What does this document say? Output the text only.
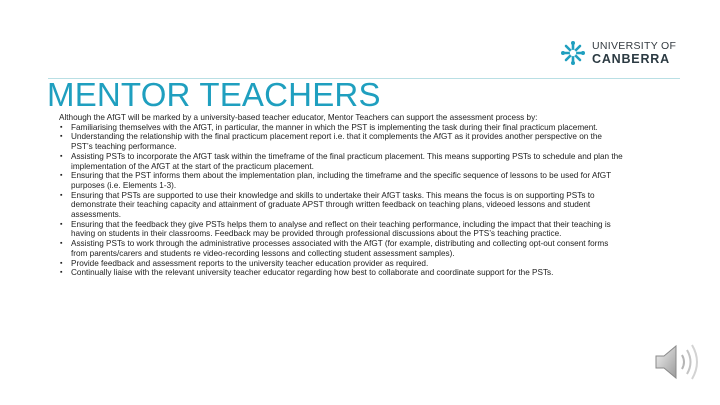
UNIVERSITY OF
CANBERRA
MENTOR TEACHERS

Although the AfGT will be marked by a university-based teacher educator, Mentor Teachers can support the assessment process by:

▪ Familiarising themselves with the AfGT, in particular, the manner in which the PST is implementing the task during their final practicum placement.
▪ Understanding the relationship with the final practicum placement report i.e. that it complements the AfGT as it provides another perspective on the PST’s teaching performance.
▪ Assisting PSTs to incorporate the AfGT task within the timeframe of the final practicum placement. This means supporting PSTs to schedule and plan the implementation of the AfGT at the start of the practicum placement.
▪ Ensuring that the PST informs them about the implementation plan, including the timeframe and the specific sequence of lessons to be used for AfGT purposes (i.e. Elements 1-3).
▪ Ensuring that PSTs are supported to use their knowledge and skills to undertake their AfGT tasks. This means the focus is on supporting PSTs to demonstrate their teaching capacity and attainment of graduate APST through written feedback on teaching plans, videoed lessons and student assessments.
▪ Ensuring that the feedback they give PSTs helps them to analyse and reflect on their teaching performance, including the impact that their teaching is having on students in their classrooms. Feedback may be provided through professional discussions about the PTS’s teaching practice.
▪ Assisting PSTs to work through the administrative processes associated with the AfGT (for example, distributing and collecting opt-out consent forms from parents/carers and students re video-recording lessons and collecting student assessment samples).
▪ Provide feedback and assessment reports to the university teacher education provider as required.
▪ Continually liaise with the relevant university teacher educator regarding how best to collaborate and coordinate support for the PSTs.
